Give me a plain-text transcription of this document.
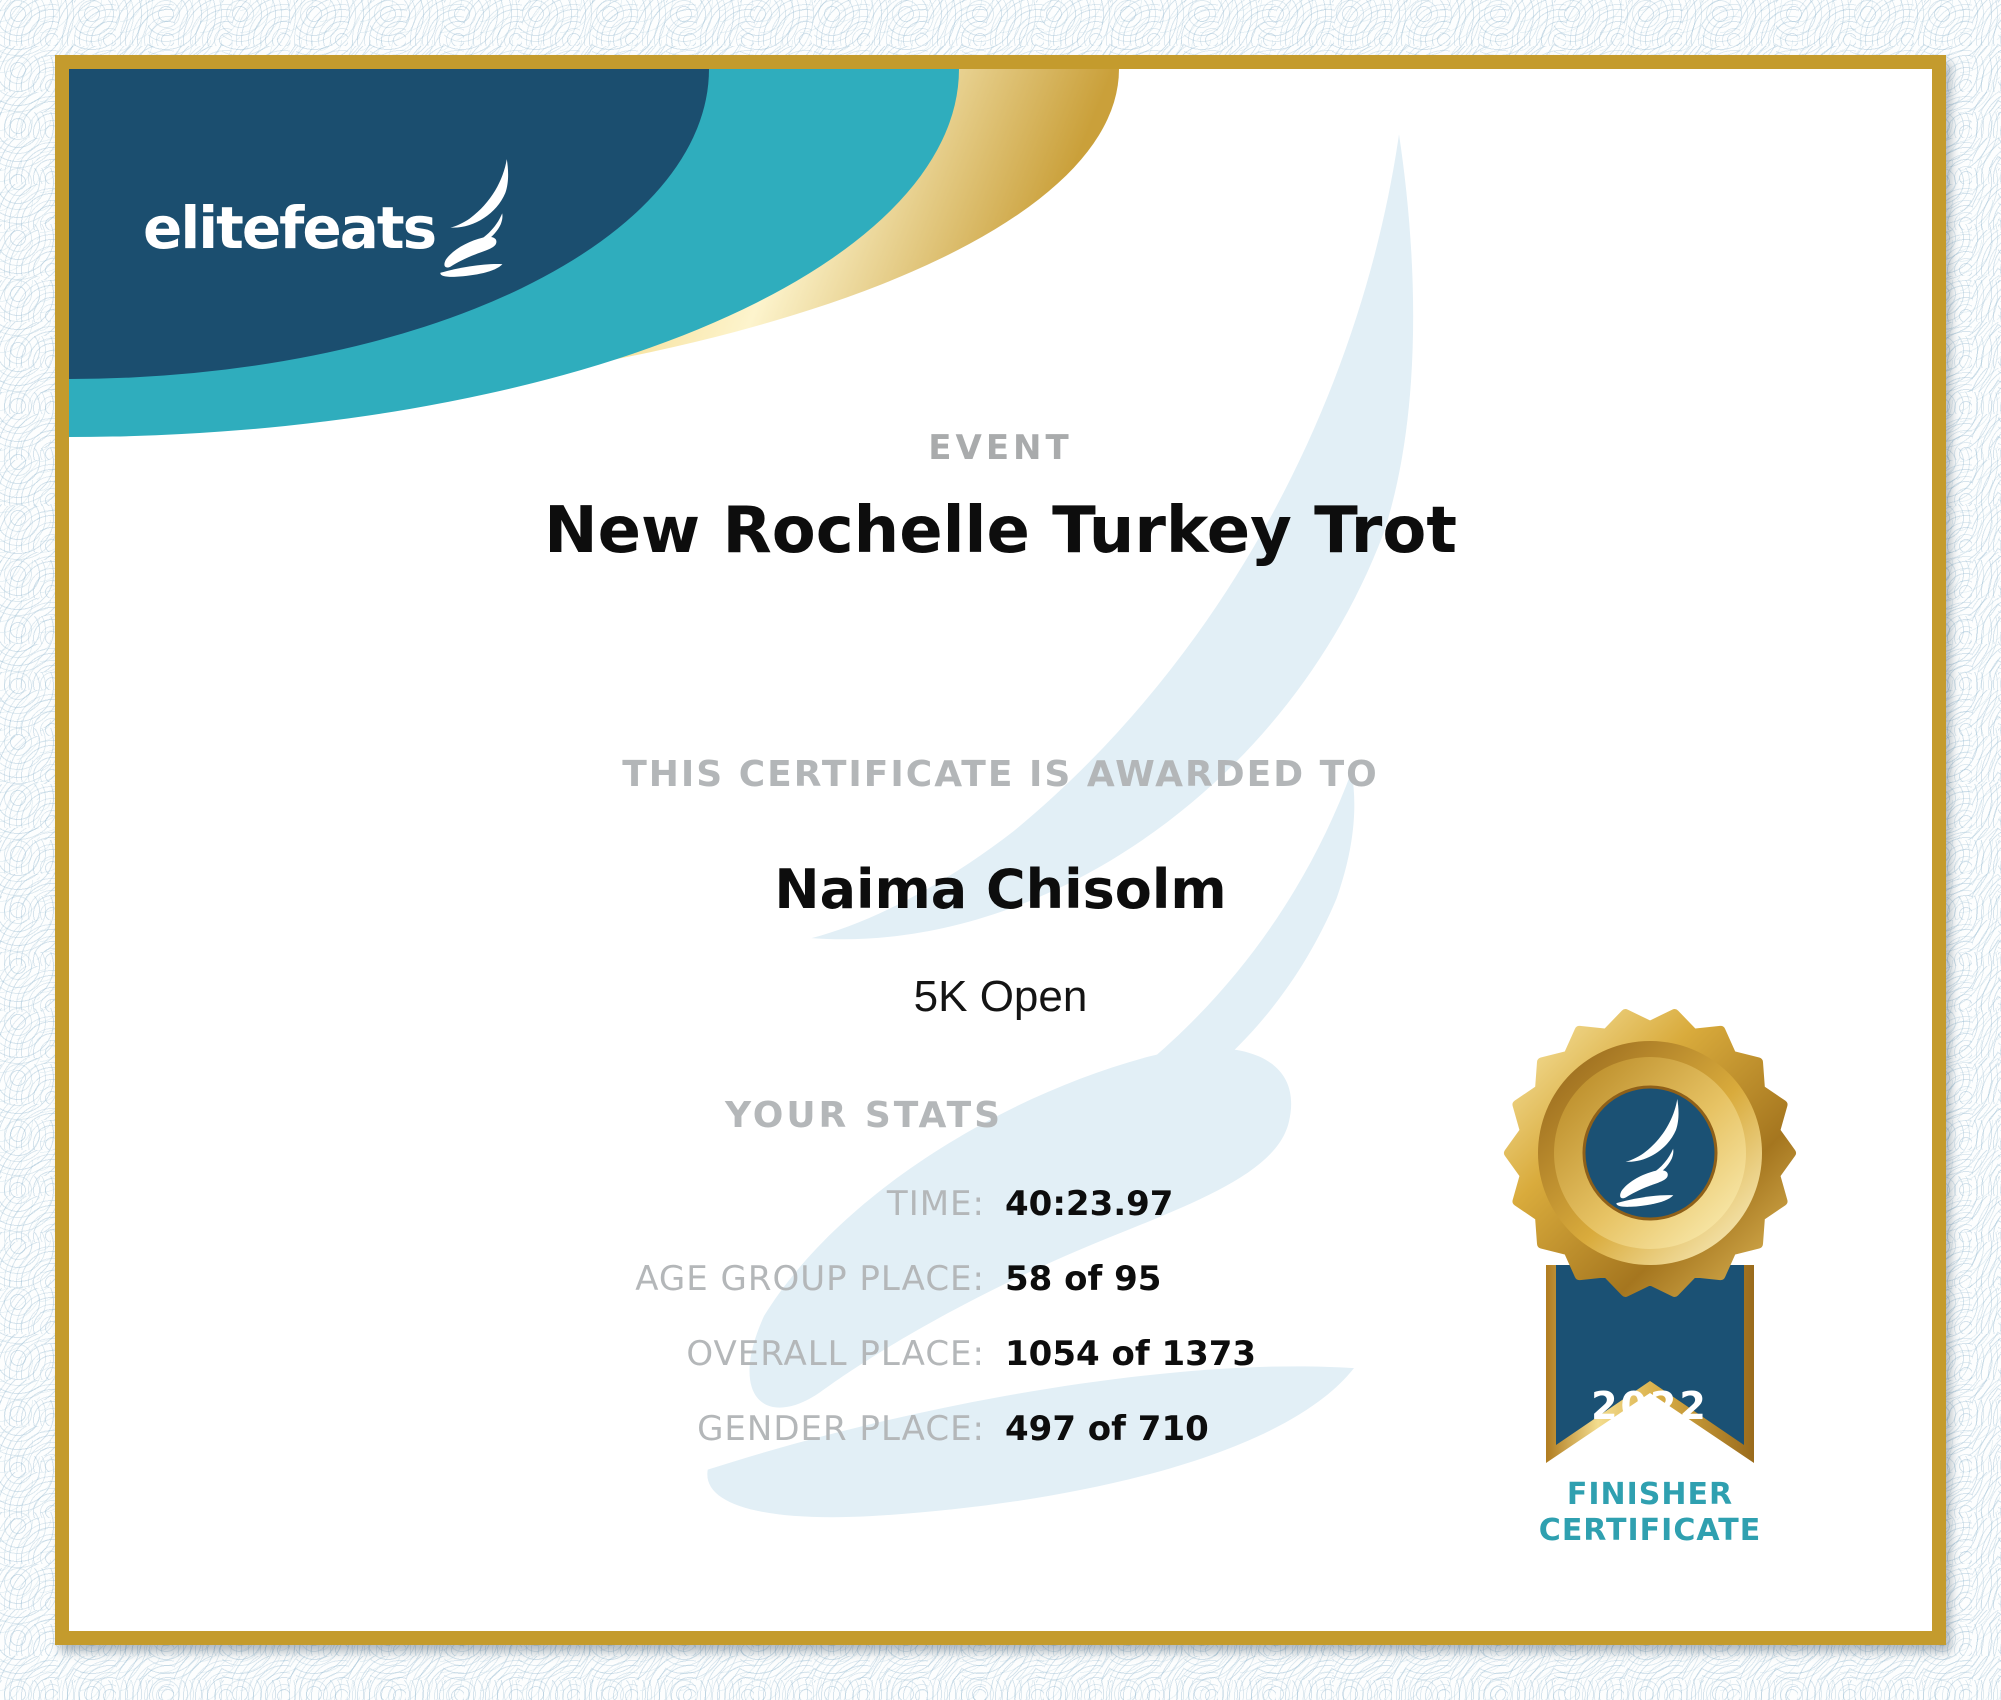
elitefeats
EVENT
New Rochelle Turkey Trot
THIS CERTIFICATE IS AWARDED TO
Naima Chisolm
5K Open
YOUR STATS
TIME: 40:23.97
AGE GROUP PLACE: 58 of 95
OVERALL PLACE: 1054 of 1373
GENDER PLACE: 497 of 710
2022
FINISHER
CERTIFICATE
